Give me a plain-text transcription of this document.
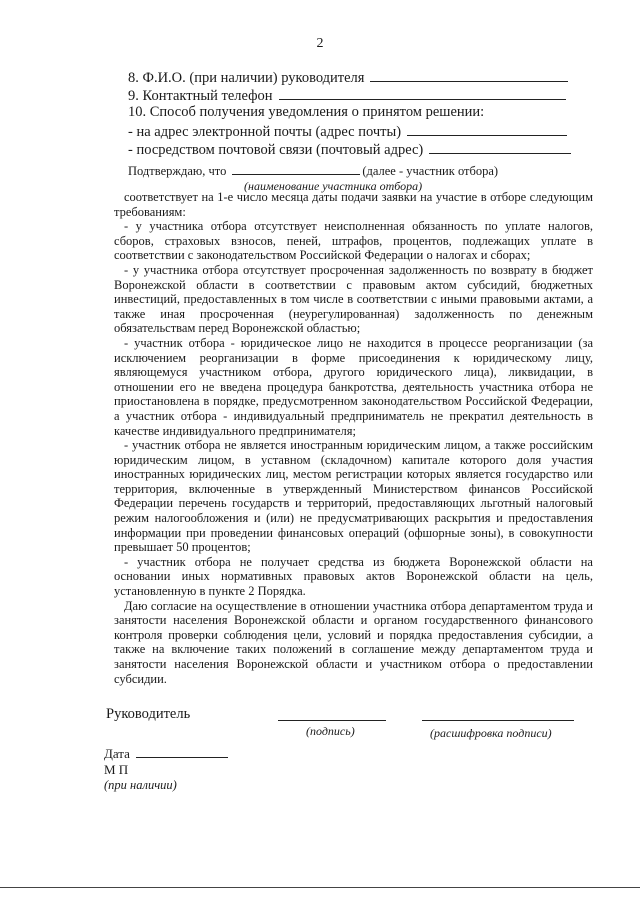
2
8. Ф.И.О. (при наличии) руководителя
9. Контактный телефон
10. Способ получения уведомления о принятом решении:
- на адрес электронной почты (адрес почты)
- посредством почтовой связи (почтовый адрес)
Подтверждаю, что	(далее - участник отбора)
(наименование участника отбора)

соответствует на 1-е число месяца даты подачи заявки на участие в отборе следующим требованиям:

- у участника отбора отсутствует неисполненная обязанность по уплате налогов, сборов, страховых взносов, пеней, штрафов, процентов, подлежащих уплате в соответствии с законодательством Российской Федерации о налогах и сборах;

- у участника отбора отсутствует просроченная задолженность по возврату в бюджет Воронежской области в соответствии с правовым актом субсидий, бюджетных инвестиций, предоставленных в том числе в соответствии с иными правовыми актами, а также иная просроченная (неурегулированная) задолженность по денежным обязательствам перед Воронежской областью;

- участник отбора - юридическое лицо не находится в процессе реорганизации (за исключением реорганизации в форме присоединения к юридическому лицу, являющемуся участником отбора, другого юридического лица), ликвидации, в отношении его не введена процедура банкротства, деятельность участника отбора не приостановлена в порядке, предусмотренном законодательством Российской Федерации, а участник отбора - индивидуальный предприниматель не прекратил деятельность в качестве индивидуального предпринимателя;

- участник отбора не является иностранным юридическим лицом, а также российским юридическим лицом, в уставном (складочном) капитале которого доля участия иностранных юридических лиц, местом регистрации которых является государство или территория, включенные в утвержденный Министерством финансов Российской Федерации перечень государств и территорий, предоставляющих льготный налоговый режим налогообложения и (или) не предусматривающих раскрытия и предоставления информации при проведении финансовых операций (офшорные зоны), в совокупности превышает 50 процентов;

- участник отбора не получает средства из бюджета Воронежской области на основании иных нормативных правовых актов Воронежской области на цель, установленную в пункте 2 Порядка.

Даю согласие на осуществление в отношении участника отбора департаментом труда и занятости населения Воронежской области и органом государственного финансового контроля проверки соблюдения цели, условий и порядка предоставления субсидии, а также на включение таких положений в соглашение между департаментом труда и занятости населения Воронежской области и участником отбора о предоставлении субсидии.

Руководитель
(подпись)	(расшифровка подписи)
Дата
М П
(при наличии)
